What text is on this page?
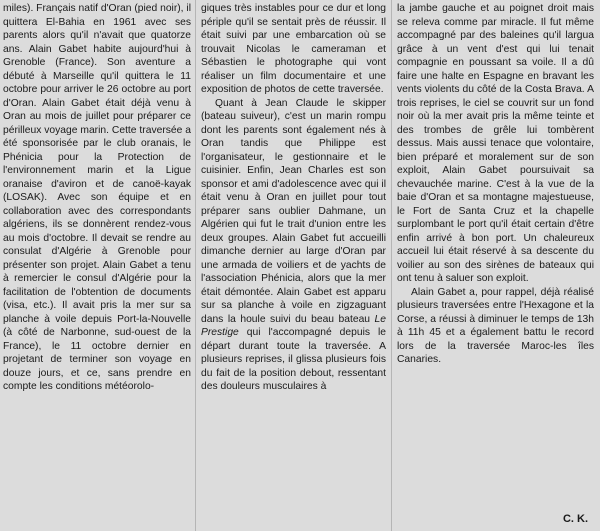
miles). Français natif d'Oran (pied noir), il quittera El-Bahia en 1961 avec ses parents alors qu'il n'avait que quatorze ans. Alain Gabet habite aujourd'hui à Grenoble (France). Son aventure a débuté à Marseille qu'il quittera le 11 octobre pour arriver le 26 octobre au port d'Oran. Alain Gabet était déjà venu à Oran au mois de juillet pour préparer ce périlleux voyage marin. Cette traversée a été sponsorisée par le club oranais, le Phénicia pour la Protection de l'environnement marin et la Ligue oranaise d'aviron et de canoë-kayak (LOSAK). Avec son équipe et en collaboration avec des correspondants algériens, ils se donnèrent rendez-vous au mois d'octobre. Il devait se rendre au consulat d'Algérie à Grenoble pour présenter son projet. Alain Gabet a tenu à remercier le consul d'Algérie pour la facilitation de l'obtention de documents (visa, etc.). Il avait pris la mer sur sa planche à voile depuis Port-la-Nouvelle (à côté de Narbonne, sud-ouest de la France), le 11 octobre dernier en projetant de terminer son voyage en douze jours, et ce, sans prendre en compte les conditions météorolo-

giques très instables pour ce dur et long périple qu'il se sentait près de réussir. Il était suivi par une embarcation où se trouvait Nicolas le cameraman et Sébastien le photographe qui vont réaliser un film documentaire et une exposition de photos de cette traversée.

Quant à Jean Claude le skipper (bateau suiveur), c'est un marin rompu dont les parents sont également nés à Oran tandis que Philippe est l'organisateur, le gestionnaire et le cuisinier. Enfin, Jean Charles est son sponsor et ami d'adolescence avec qui il était venu à Oran en juillet pour tout préparer sans oublier Dahmane, un Algérien qui fut le trait d'union entre les deux groupes. Alain Gabet fut accueilli dimanche dernier au large d'Oran par une armada de voiliers et de yachts de l'association Phénicia, alors que la mer était démontée. Alain Gabet est apparu sur sa planche à voile en zigzaguant dans la houle suivi du beau bateau Le Prestige qui l'accompagné depuis le départ durant toute la traversée. A plusieurs reprises, il glissa plusieurs fois du fait de la position debout, ressentant des douleurs musculaires à

la jambe gauche et au poignet droit mais se releva comme par miracle. Il fut même accompagné par des baleines qu'il largua grâce à un vent d'est qui lui tenait compagnie en poussant sa voile. Il a dû faire une halte en Espagne en bravant les vents violents du côté de la Costa Brava. A trois reprises, le ciel se couvrit sur un fond noir où la mer avait pris la même teinte et des trombes de grêle lui tombèrent dessus. Mais aussi tenace que volontaire, bien préparé et moralement sur de son exploit, Alain Gabet poursuivait sa chevauchée marine. C'est à la vue de la baie d'Oran et sa montagne majestueuse, le Fort de Santa Cruz et la chapelle surplombant le port qu'il était certain d'être enfin arrivé à bon port. Un chaleureux accueil lui était réservé à sa descente du voilier au son des sirènes de bateaux qui ont tenu à saluer son exploit.

Alain Gabet a, pour rappel, déjà réalisé plusieurs traversées entre l'Hexagone et la Corse, a réussi à diminuer le temps de 13h à 11h 45 et a également battu le record lors de la traversée Maroc-les îles Canaries.

C. K.
